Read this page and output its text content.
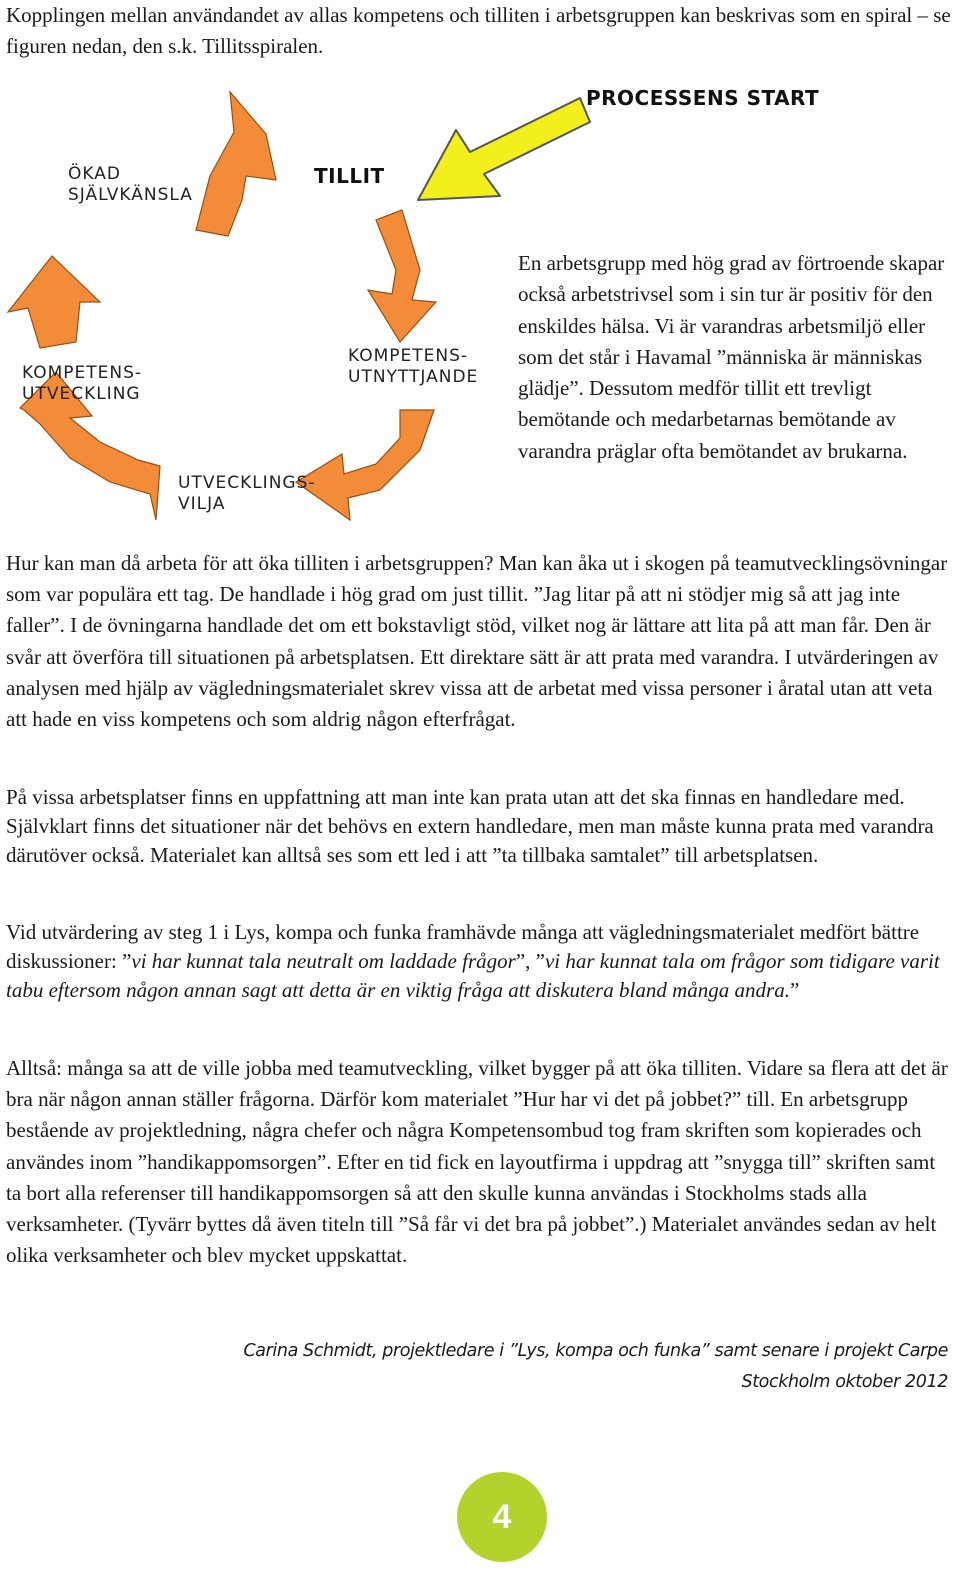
Kopplingen mellan användandet av allas kompetens och tilliten i arbetsgruppen kan beskrivas som en spiral – se figuren nedan, den s.k. Tillitsspiralen.
PROCESSENS START
TILLIT
ÖKAD
SJÄLVKÄNSLA
KOMPETENS-
UTVECKLING
KOMPETENS-
UTNYTTJANDE
UTVECKLINGS-
VILJA
En arbetsgrupp med hög grad av förtroende skapar också arbetstrivsel som i sin tur är positiv för den enskildes hälsa. Vi är varandras arbetsmiljö eller som det står i Havamal ”människa är människas glädje”. Dessutom medför tillit ett trevligt bemötande och medarbetarnas bemötande av varandra präglar ofta bemötandet av brukarna.
Hur kan man då arbeta för att öka tilliten i arbetsgruppen? Man kan åka ut i skogen på teamutvecklingsövningar som var populära ett tag. De handlade i hög grad om just tillit. ”Jag litar på att ni stödjer mig så att jag inte faller”. I de övningarna handlade det om ett bokstavligt stöd, vilket nog är lättare att lita på att man får. Den är svår att överföra till situationen på arbetsplatsen. Ett direktare sätt är att prata med varandra. I utvärderingen av analysen med hjälp av vägledningsmaterialet skrev vissa att de arbetat med vissa personer i åratal utan att veta att hade en viss kompetens och som aldrig någon efterfrågat.
På vissa arbetsplatser finns en uppfattning att man inte kan prata utan att det ska finnas en handledare med. Självklart finns det situationer när det behövs en extern handledare, men man måste kunna prata med varandra därutöver också. Materialet kan alltså ses som ett led i att ”ta tillbaka samtalet” till arbetsplatsen.
Vid utvärdering av steg 1 i Lys, kompa och funka framhävde många att vägledningsmaterialet medfört bättre diskussioner: ”vi har kunnat tala neutralt om laddade frågor”, ”vi har kunnat tala om frågor som tidigare varit tabu eftersom någon annan sagt att detta är en viktig fråga att diskutera bland många andra.”
Alltså: många sa att de ville jobba med teamutveckling, vilket bygger på att öka tilliten. Vidare sa flera att det är bra när någon annan ställer frågorna. Därför kom materialet ”Hur har vi det på jobbet?” till. En arbetsgrupp bestående av projektledning, några chefer och några Kompetensombud tog fram skriften som kopierades och användes inom ”handikappomsorgen”. Efter en tid fick en layoutfirma i uppdrag att ”snygga till” skriften samt ta bort alla referenser till handikappomsorgen så att den skulle kunna användas i Stockholms stads alla verksamheter. (Tyvärr byttes då även titeln till ”Så får vi det bra på jobbet”.) Materialet användes sedan av helt olika verksamheter och blev mycket uppskattat.
Carina Schmidt, projektledare i ”Lys, kompa och funka” samt senare i projekt Carpe
Stockholm oktober 2012
4
